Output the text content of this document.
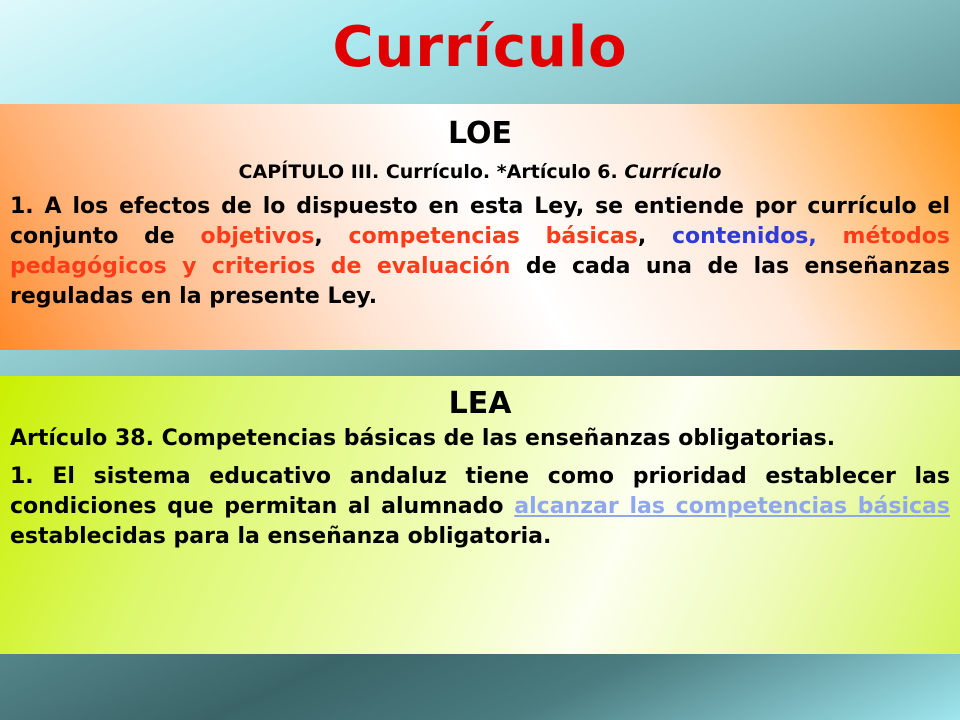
Currículo
LOE

CAPÍTULO III. Currículo. *Artículo 6. Currículo

1. A los efectos de lo dispuesto en esta Ley, se entiende por currículo el conjunto de objetivos, competencias básicas, contenidos, métodos pedagógicos y criterios de evaluación de cada una de las enseñanzas reguladas en la presente Ley.

LEA

Artículo 38. Competencias básicas de las enseñanzas obligatorias.

1. El sistema educativo andaluz tiene como prioridad establecer las condiciones que permitan al alumnado alcanzar las competencias básicas establecidas para la enseñanza obligatoria.
